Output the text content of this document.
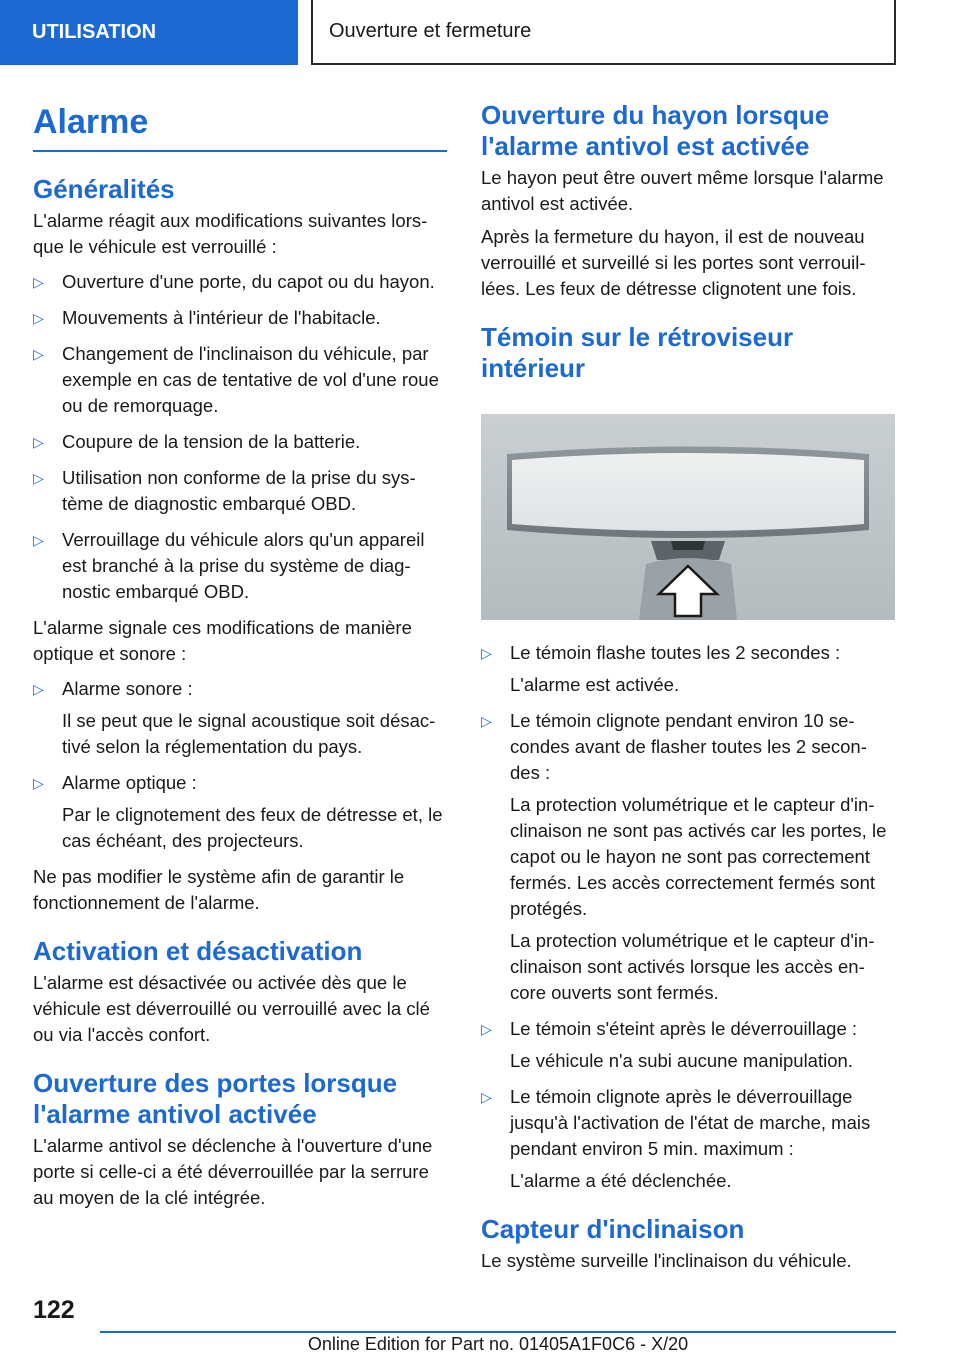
UTILISATION	Ouverture et fermeture
Alarme
Généralités

L'alarme réagit aux modifications suivantes lors-que le véhicule est verrouillé :

▷ Ouverture d'une porte, du capot ou du hayon.
▷ Mouvements à l'intérieur de l'habitacle.
▷ Changement de l'inclinaison du véhicule, par exemple en cas de tentative de vol d'une roue ou de remorquage.
▷ Coupure de la tension de la batterie.
▷ Utilisation non conforme de la prise du sys-tème de diagnostic embarqué OBD.
▷ Verrouillage du véhicule alors qu'un appareil est branché à la prise du système de diag-nostic embarqué OBD.

L'alarme signale ces modifications de manière optique et sonore :

▷ Alarme sonore :
Il se peut que le signal acoustique soit désac-tivé selon la réglementation du pays.
▷ Alarme optique :
Par le clignotement des feux de détresse et, le cas échéant, des projecteurs.

Ne pas modifier le système afin de garantir le fonctionnement de l'alarme.

Activation et désactivation

L'alarme est désactivée ou activée dès que le véhicule est déverrouillé ou verrouillé avec la clé ou via l'accès confort.

Ouverture des portes lorsque l'alarme antivol activée

L'alarme antivol se déclenche à l'ouverture d'une porte si celle-ci a été déverrouillée par la serrure au moyen de la clé intégrée.

Ouverture du hayon lorsque l'alarme antivol est activée

Le hayon peut être ouvert même lorsque l'alarme antivol est activée.

Après la fermeture du hayon, il est de nouveau verrouillé et surveillé si les portes sont verrouil-lées. Les feux de détresse clignotent une fois.

Témoin sur le rétroviseur intérieur
▷ Le témoin flashe toutes les 2 secondes :
L'alarme est activée.
▷ Le témoin clignote pendant environ 10 se-condes avant de flasher toutes les 2 secon-des :
La protection volumétrique et le capteur d'in-clinaison ne sont pas activés car les portes, le capot ou le hayon ne sont pas correctement fermés. Les accès correctement fermés sont protégés.
La protection volumétrique et le capteur d'in-clinaison sont activés lorsque les accès en-core ouverts sont fermés.
▷ Le témoin s'éteint après le déverrouillage :
Le véhicule n'a subi aucune manipulation.
▷ Le témoin clignote après le déverrouillage jusqu'à l'activation de l'état de marche, mais pendant environ 5 min. maximum :
L'alarme a été déclenchée.
Capteur d'inclinaison

Le système surveille l'inclinaison du véhicule.

122
Online Edition for Part no. 01405A1F0C6 - X/20
